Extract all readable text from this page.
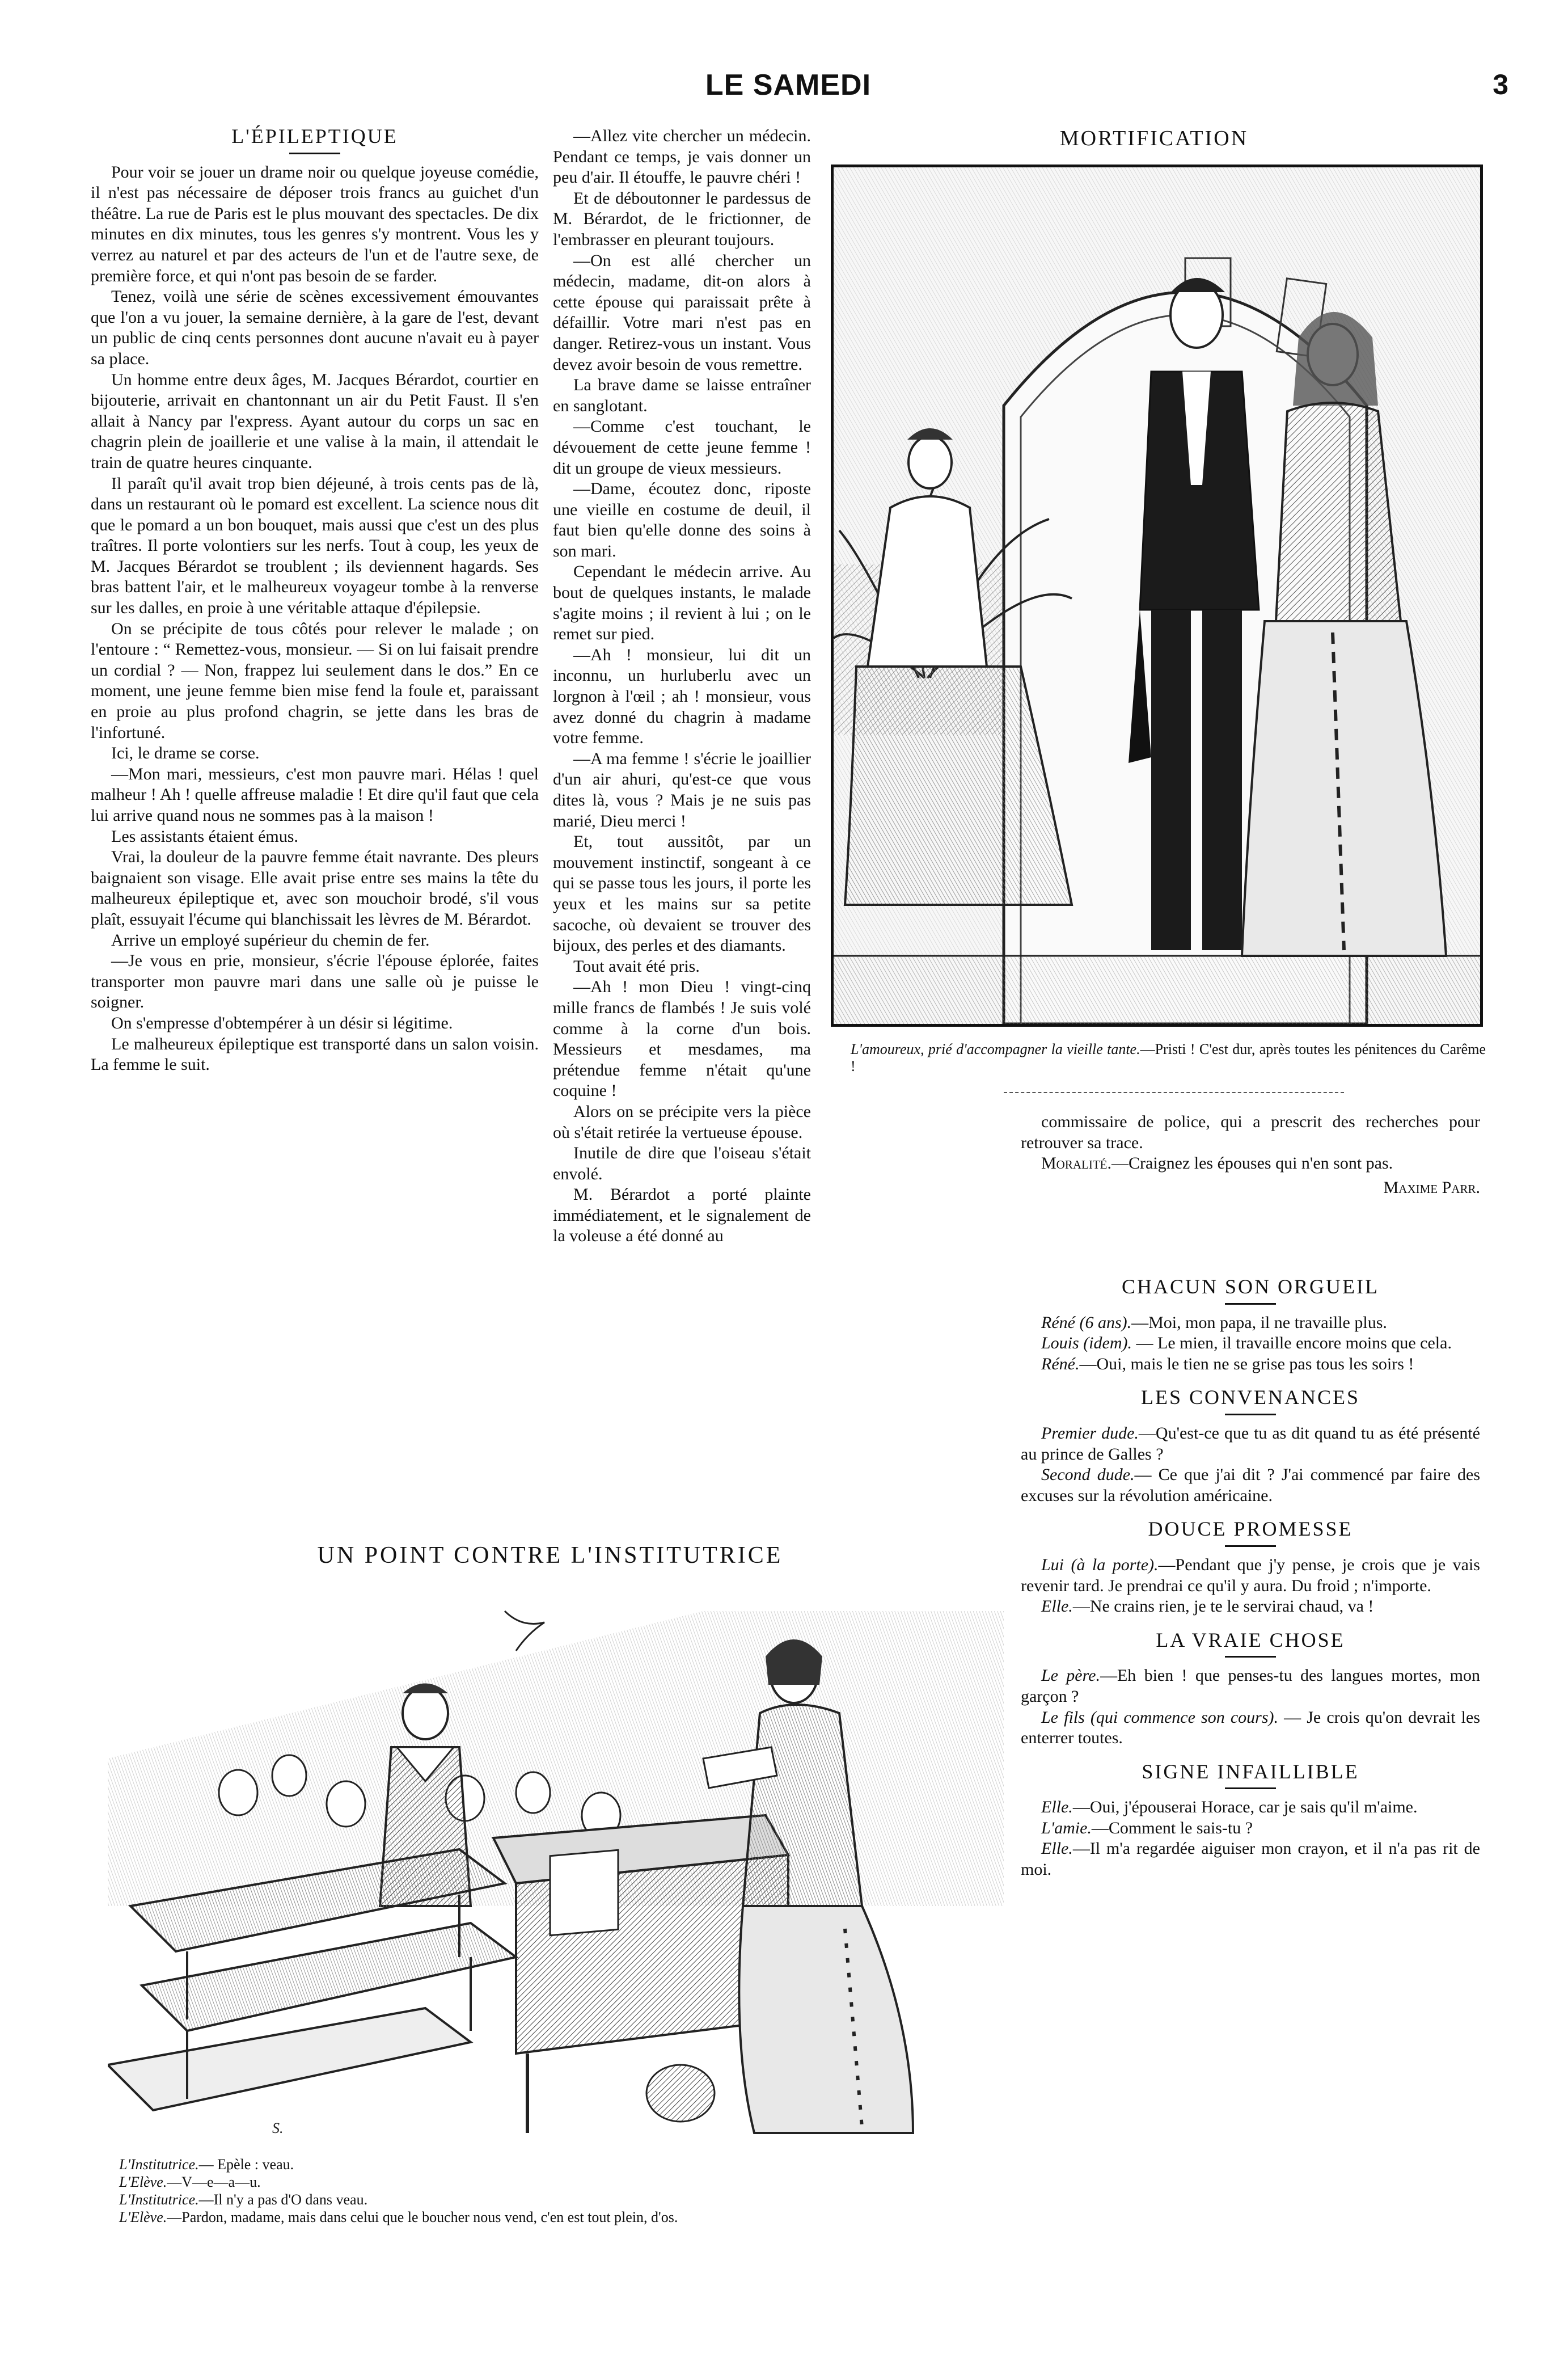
LE SAMEDI	3
L'ÉPILEPTIQUE

Pour voir se jouer un drame noir ou quelque joyeuse comédie, il n'est pas nécessaire de déposer trois francs au guichet d'un théâtre. La rue de Paris est le plus mouvant des spectacles. De dix minutes en dix minutes, tous les genres s'y montrent. Vous les y verrez au naturel et par des acteurs de l'un et de l'autre sexe, de première force, et qui n'ont pas besoin de se farder.

Tenez, voilà une série de scènes excessivement émouvantes que l'on a vu jouer, la semaine dernière, à la gare de l'est, devant un public de cinq cents personnes dont aucune n'avait eu à payer sa place.

Un homme entre deux âges, M. Jacques Bérardot, courtier en bijouterie, arrivait en chantonnant un air du Petit Faust. Il s'en allait à Nancy par l'express. Ayant autour du corps un sac en chagrin plein de joaillerie et une valise à la main, il attendait le train de quatre heures cinquante.

Il paraît qu'il avait trop bien déjeuné, à trois cents pas de là, dans un restaurant où le pomard est excellent. La science nous dit que le pomard a un bon bouquet, mais aussi que c'est un des plus traîtres. Il porte volontiers sur les nerfs. Tout à coup, les yeux de M. Jacques Bérardot se troublent ; ils deviennent hagards. Ses bras battent l'air, et le malheureux voyageur tombe à la renverse sur les dalles, en proie à une véritable attaque d'épilepsie.

On se précipite de tous côtés pour relever le malade ; on l'entoure : “ Remettez-vous, monsieur. — Si on lui faisait prendre un cordial ? — Non, frappez lui seulement dans le dos.” En ce moment, une jeune femme bien mise fend la foule et, paraissant en proie au plus profond chagrin, se jette dans les bras de l'infortuné.

Ici, le drame se corse.

—Mon mari, messieurs, c'est mon pauvre mari. Hélas ! quel malheur ! Ah ! quelle affreuse maladie ! Et dire qu'il faut que cela lui arrive quand nous ne sommes pas à la maison !

Les assistants étaient émus.

Vrai, la douleur de la pauvre femme était navrante. Des pleurs baignaient son visage. Elle avait prise entre ses mains la tête du malheureux épileptique et, avec son mouchoir brodé, s'il vous plaît, essuyait l'écume qui blanchissait les lèvres de M. Bérardot.

Arrive un employé supérieur du chemin de fer.

—Je vous en prie, monsieur, s'écrie l'épouse éplorée, faites transporter mon pauvre mari dans une salle où je puisse le soigner.

On s'empresse d'obtempérer à un désir si légitime.

Le malheureux épileptique est transporté dans un salon voisin. La femme le suit.

—Allez vite chercher un médecin. Pendant ce temps, je vais donner un peu d'air. Il étouffe, le pauvre chéri !

Et de déboutonner le pardessus de M. Bérardot, de le frictionner, de l'embrasser en pleurant toujours.

—On est allé chercher un médecin, madame, dit-on alors à cette épouse qui paraissait prête à défaillir. Votre mari n'est pas en danger. Retirez-vous un instant. Vous devez avoir besoin de vous remettre.

La brave dame se laisse entraîner en sanglotant.

—Comme c'est touchant, le dévouement de cette jeune femme ! dit un groupe de vieux messieurs.

—Dame, écoutez donc, riposte une vieille en costume de deuil, il faut bien qu'elle donne des soins à son mari.

Cependant le médecin arrive. Au bout de quelques instants, le malade s'agite moins ; il revient à lui ; on le remet sur pied.

—Ah ! monsieur, lui dit un inconnu, un hurluberlu avec un lorgnon à l'œil ; ah ! monsieur, vous avez donné du chagrin à madame votre femme.

—A ma femme ! s'écrie le joaillier d'un air ahuri, qu'est-ce que vous dites là, vous ? Mais je ne suis pas marié, Dieu merci !

Et, tout aussitôt, par un mouvement instinctif, songeant à ce qui se passe tous les jours, il porte les yeux et les mains sur sa petite sacoche, où devaient se trouver des bijoux, des perles et des diamants.

Tout avait été pris.

—Ah ! mon Dieu ! vingt-cinq mille francs de flambés ! Je suis volé comme à la corne d'un bois. Messieurs et mesdames, ma prétendue femme n'était qu'une coquine !

Alors on se précipite vers la pièce où s'était retirée la vertueuse épouse.

Inutile de dire que l'oiseau s'était envolé.

M. Bérardot a porté plainte immédiatement, et le signalement de la voleuse a été donné au

MORTIFICATION

L'amoureux, prié d'accompagner la vieille tante.—Pristi ! C'est dur, après toutes les pénitences du Carême !

commissaire de police, qui a prescrit des recherches pour retrouver sa trace.

Moralité.—Craignez les épouses qui n'en sont pas.

Maxime Parr.
CHACUN SON ORGUEIL

Réné (6 ans).—Moi, mon papa, il ne travaille plus.

Louis (idem). — Le mien, il travaille encore moins que cela.

Réné.—Oui, mais le tien ne se grise pas tous les soirs !

LES CONVENANCES

Premier dude.—Qu'est-ce que tu as dit quand tu as été présenté au prince de Galles ?

Second dude.— Ce que j'ai dit ? J'ai commencé par faire des excuses sur la révolution américaine.

DOUCE PROMESSE

Lui (à la porte).—Pendant que j'y pense, je crois que je vais revenir tard. Je prendrai ce qu'il y aura. Du froid ; n'importe.

Elle.—Ne crains rien, je te le servirai chaud, va !

LA VRAIE CHOSE

Le père.—Eh bien ! que penses-tu des langues mortes, mon garçon ?

Le fils (qui commence son cours). — Je crois qu'on devrait les enterrer toutes.

SIGNE INFAILLIBLE

Elle.—Oui, j'épouserai Horace, car je sais qu'il m'aime.

L'amie.—Comment le sais-tu ?

Elle.—Il m'a regardée aiguiser mon crayon, et il n'a pas rit de moi.

UN POINT CONTRE L'INSTITUTRICE
S.

L'Institutrice.— Epèle : veau.

L'Elève.—V—e—a—u.

L'Institutrice.—Il n'y a pas d'O dans veau.

L'Elève.—Pardon, madame, mais dans celui que le boucher nous vend, c'en est tout plein, d'os.
